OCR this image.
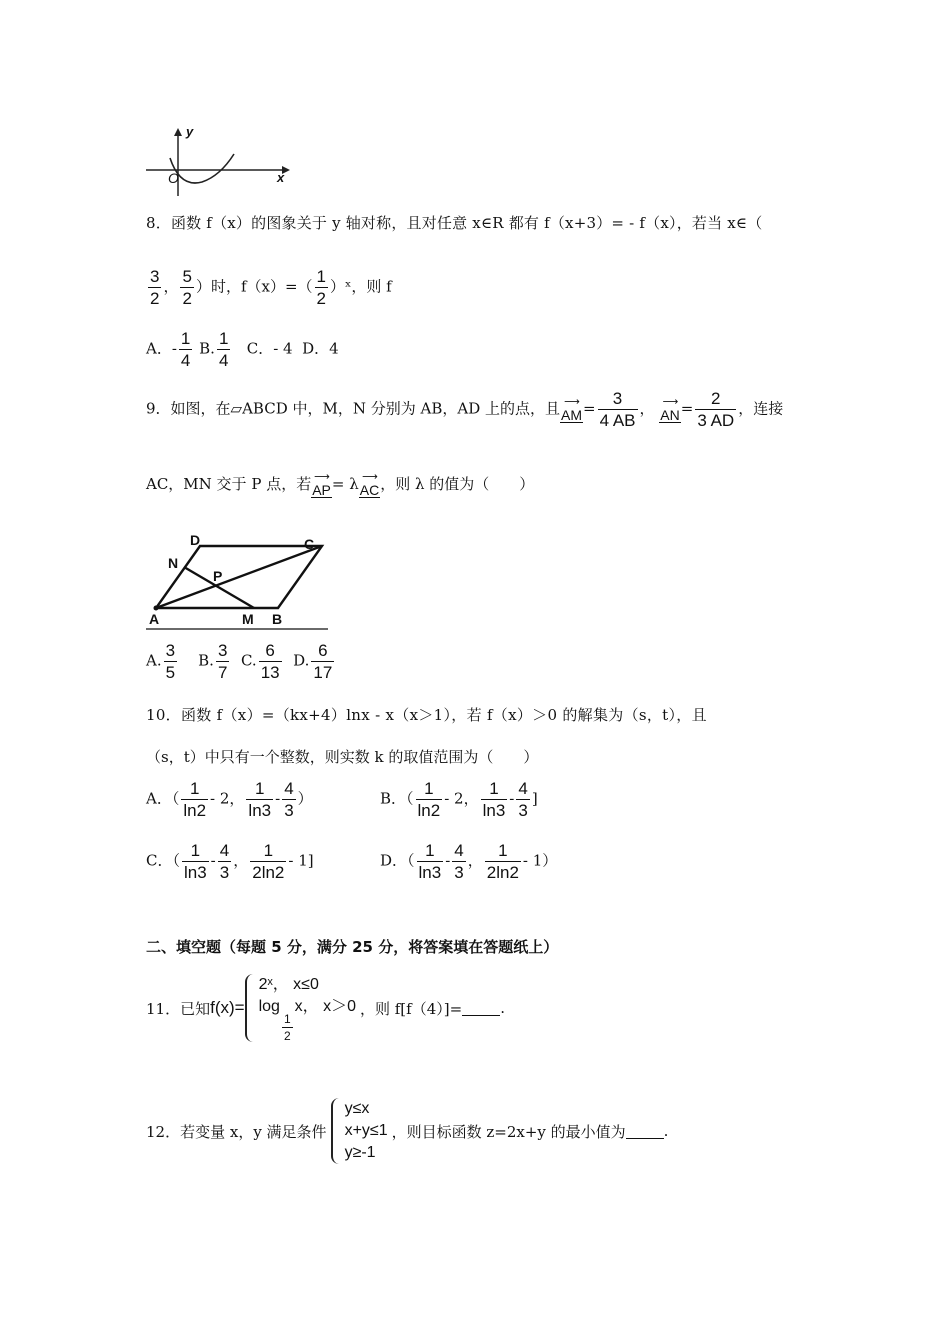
y
x
O
8．函数 f（x）的图象关于 y 轴对称，且对任意 x∈R 都有 f（x+3）= - f（x），若当 x∈（
$\frac{3}{2}$ ， $\frac{5}{2}$ ）时，$f(x)=( \frac{1}{2}$ ）ˣ，则 f
A．- $\frac{1}{4} B$. $\frac{1}{4}$ C．- 4 D．4
9．如图，在▱ABCD 中，M，N 分别为 AB，AD 上的点，且 ⟶
AM = $\frac{3}{4 AB}$ ， ⟶
AN = $\frac{2}{3 AD}$ ，连接
AC，MN 交于 P 点，若 ⟶
AP = λ ⟶
AC ，则 λ 的值为（　　）
D	C
N
P
A	M B
A. $\frac{3}{5} B$. $\frac{3}{7} C$. $\frac{6}{13} D$. $\frac{6}{17}$
10．函数 f（x）=（kx+4）lnx - x（x＞1），若 f（x）＞0 的解集为（s，t），且
（s，t）中只有一个整数，则实数 k 的取值范围为（　　）
A．（ $\frac{1}{\ln 2} - 2$， $\frac{1}{\ln 3} - \frac{4}{3}$ ）	B．（ $\frac{1}{\ln 2} - 2$， $\frac{1}{\ln 3} - \frac{4}{3}$ ]
C．（ $\frac{1}{\ln 3} - \frac{4}{3}$ ， $\frac{1}{2\ln 2} - 1$]	D．（ $\frac{1}{\ln 3} - \frac{4}{3}$ ， $\frac{1}{2\ln 2} - 1$）
二、填空题（每题 5 分，满分 25 分，将答案填在答题纸上）
11．已知 f(x)=
2ˣ， x≤0
log
$\frac{1}{2}$
x， x＞0 ，则 f[f（4）]=	.
12．若变量 x，y 满足条件
y≤x
x+y≤1
y≥-1
，则目标函数 z=2x+y 的最小值为	.
